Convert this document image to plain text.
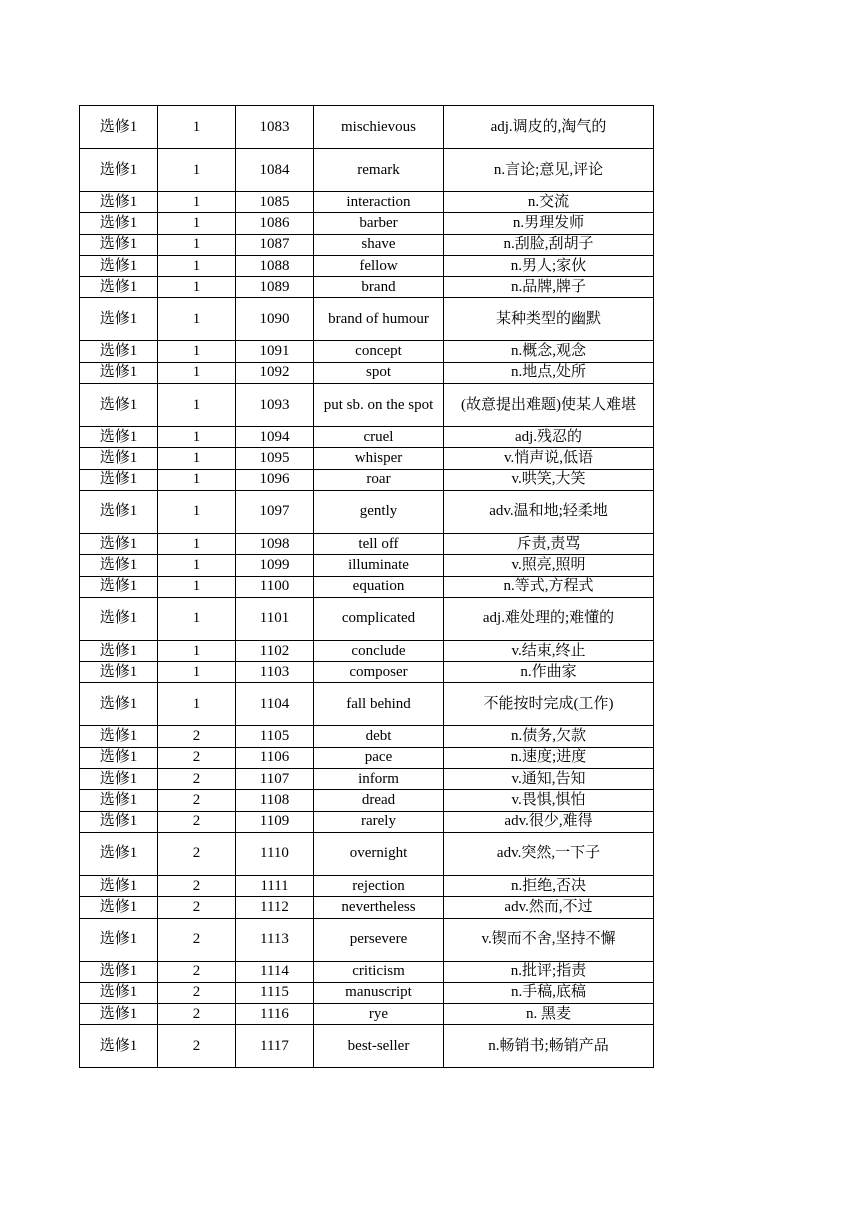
选修1	1	1083	mischievous	adj.调皮的,淘气的
选修1	1	1084	remark	n.言论;意见,评论
选修1	1	1085	interaction	n.交流
选修1	1	1086	barber	n.男理发师
选修1	1	1087	shave	n.刮脸,刮胡子
选修1	1	1088	fellow	n.男人;家伙
选修1	1	1089	brand	n.品牌,牌子
选修1	1	1090	brand of humour	某种类型的幽默
选修1	1	1091	concept	n.概念,观念
选修1	1	1092	spot	n.地点,处所
选修1	1	1093	put sb. on the spot	(故意提出难题)使某人难堪
选修1	1	1094	cruel	adj.残忍的
选修1	1	1095	whisper	v.悄声说,低语
选修1	1	1096	roar	v.哄笑,大笑
选修1	1	1097	gently	adv.温和地;轻柔地
选修1	1	1098	tell off	斥责,责骂
选修1	1	1099	illuminate	v.照亮,照明
选修1	1	1100	equation	n.等式,方程式
选修1	1	1101	complicated	adj.难处理的;难懂的
选修1	1	1102	conclude	v.结束,终止
选修1	1	1103	composer	n.作曲家
选修1	1	1104	fall behind	不能按时完成(工作)
选修1	2	1105	debt	n.债务,欠款
选修1	2	1106	pace	n.速度;进度
选修1	2	1107	inform	v.通知,告知
选修1	2	1108	dread	v.畏惧,惧怕
选修1	2	1109	rarely	adv.很少,难得
选修1	2	1110	overnight	adv.突然,一下子
选修1	2	1111	rejection	n.拒绝,否决
选修1	2	1112	nevertheless	adv.然而,不过
选修1	2	1113	persevere	v.锲而不舍,坚持不懈
选修1	2	1114	criticism	n.批评;指责
选修1	2	1115	manuscript	n.手稿,底稿
选修1	2	1116	rye	n. 黑麦
选修1	2	1117	best-seller	n.畅销书;畅销产品
